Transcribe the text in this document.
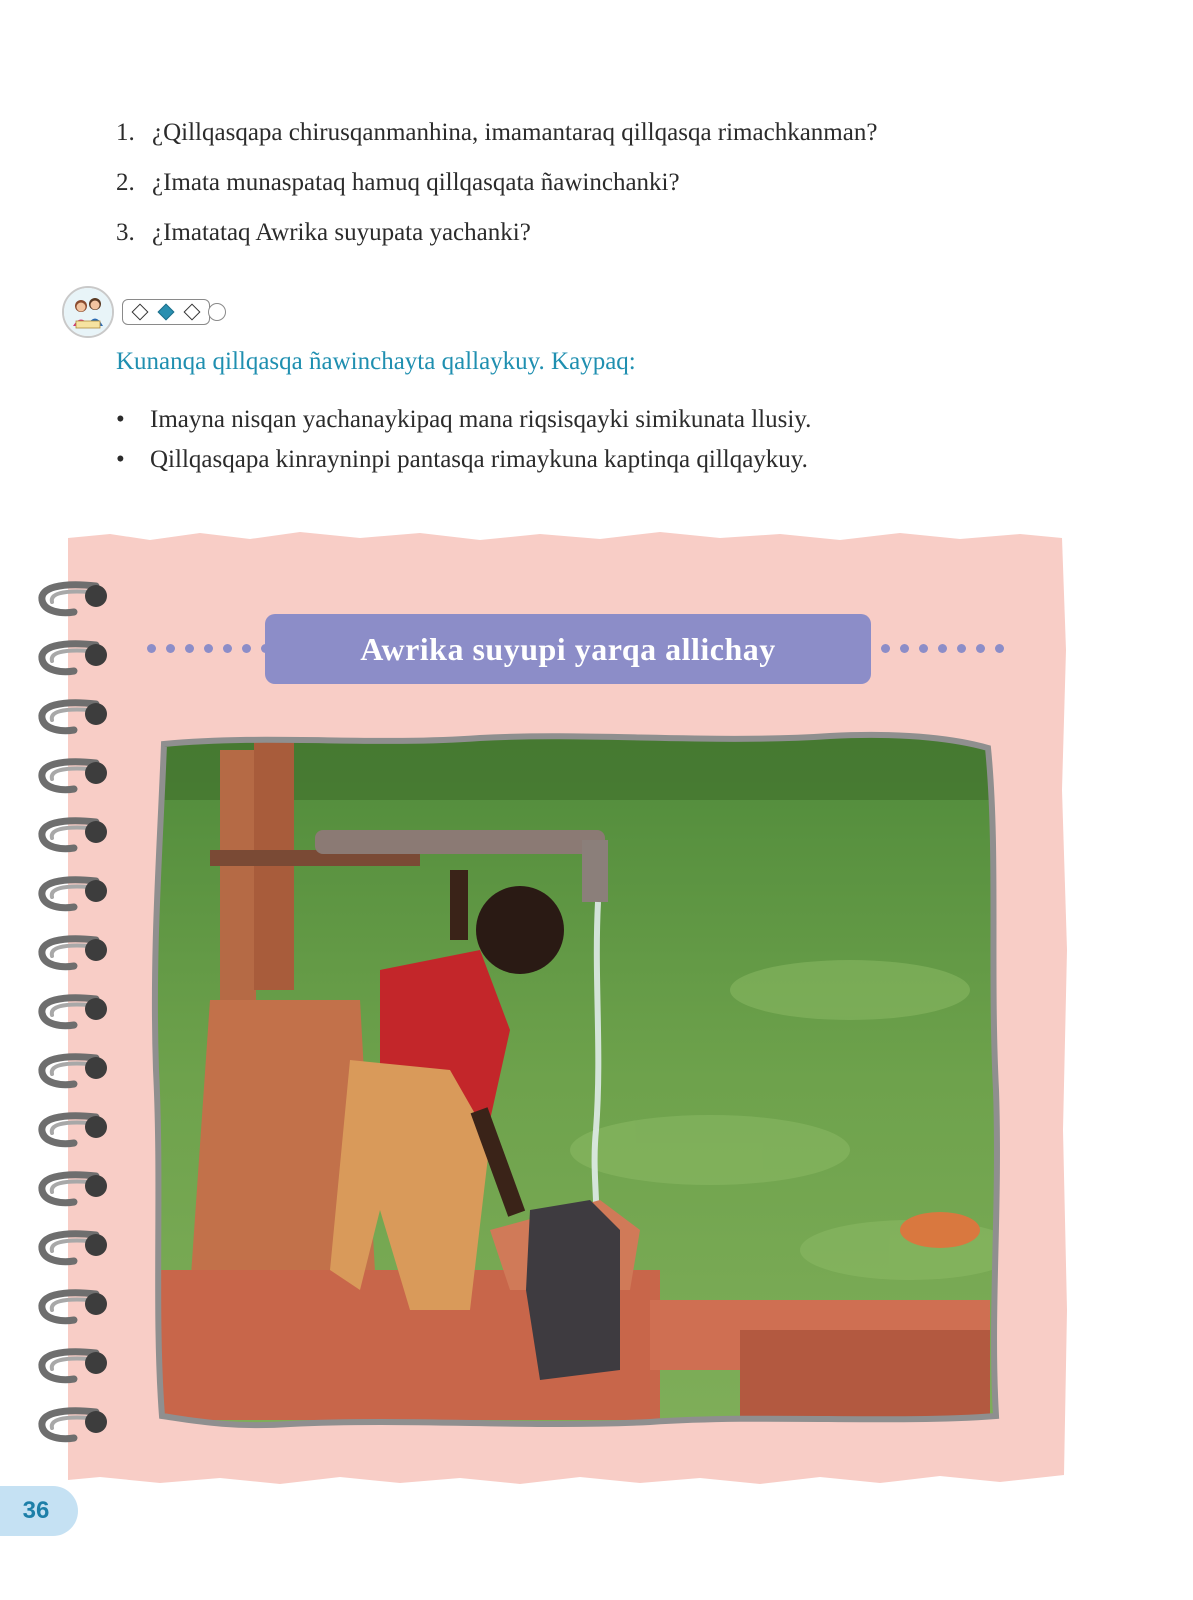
1. ¿Qillqasqapa chirusqanmanhina, imamantaraq qillqasqa rimachkanman?
2. ¿Imata munaspataq hamuq qillqasqata ñawinchanki?
3. ¿Imatataq Awrika suyupata yachanki?
Kunanqa qillqasqa ñawinchayta qallaykuy. Kaypaq:
• Imayna nisqan yachanaykipaq mana riqsisqayki simikunata llusiy.
• Qillqasqapa kinrayninpi pantasqa rimaykuna kaptinqa qillqaykuy.
Awrika suyupi yarqa allichay
36
